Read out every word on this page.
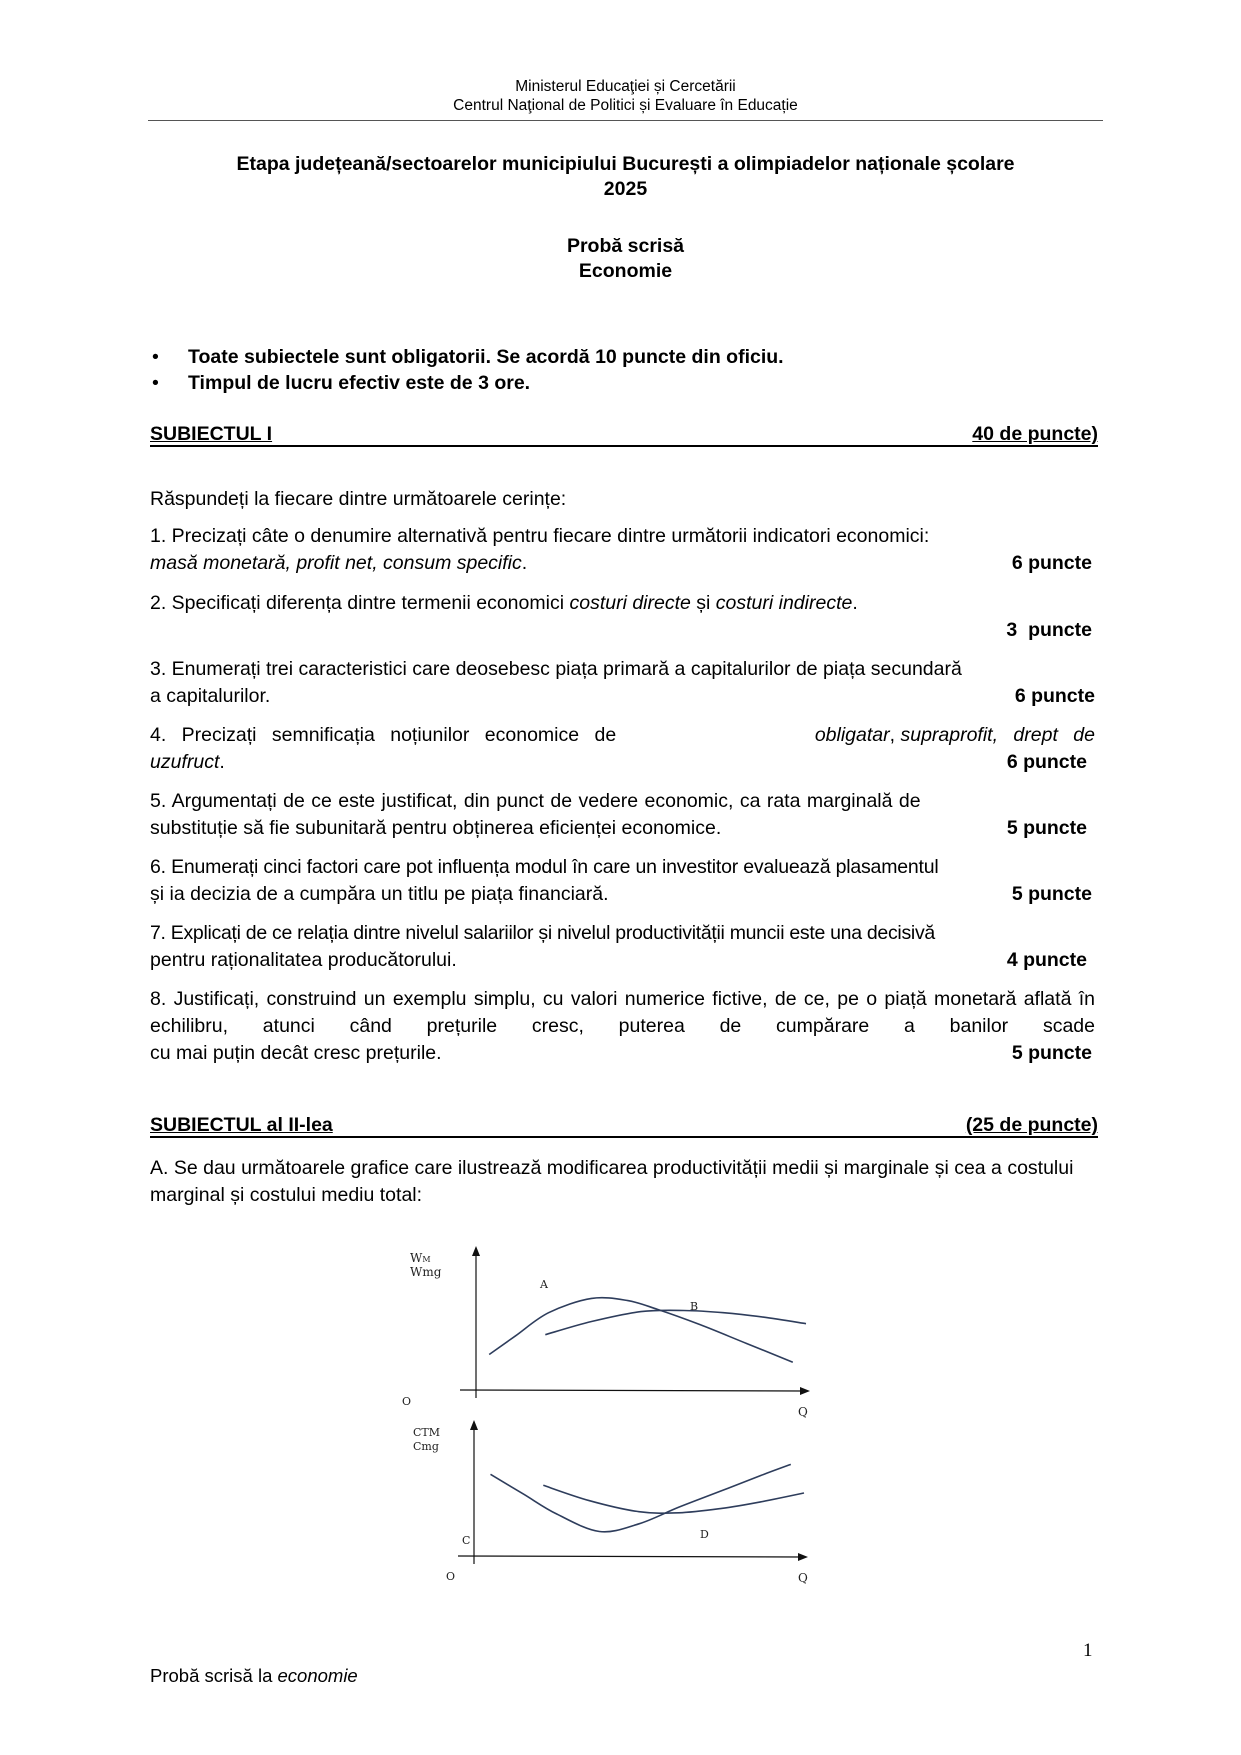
Ministerul Educaţiei și Cercetării
Centrul Naţional de Politici și Evaluare în Educație
Etapa județeană/sectoarelor municipiului București a olimpiadelor naționale școlare
2025
Probă scrisă
Economie
• Toate subiectele sunt obligatorii. Se acordă 10 puncte din oficiu.
• Timpul de lucru efectiv este de 3 ore.
SUBIECTUL I	40 de puncte)
Răspundeți la fiecare dintre următoarele cerințe:
1. Precizați câte o denumire alternativă pentru fiecare dintre următorii indicatori economici:
masă monetară, profit net, consum specific.	6 puncte
2. Specificați diferența dintre termenii economici costuri directe și costuri indirecte.
3  puncte
3. Enumerați trei caracteristici care deosebesc piața primară a capitalurilor de piața secundară
a capitalurilor.	6 puncte
4. Precizați semnificația noțiunilor economice de	obligatar, supraprofit, drept de
uzufruct.	6 puncte
5. Argumentați de ce este justificat, din punct de vedere economic, ca rata marginală de
substituție să fie subunitară pentru obținerea eficienței economice.	5 puncte
6. Enumerați cinci factori care pot influența modul în care un investitor evaluează plasamentul
și ia decizia de a cumpăra un titlu pe piața financiară.	5 puncte
7. Explicați de ce relația dintre nivelul salariilor și nivelul productivității muncii este una decisivă
pentru raționalitatea producătorului.	4 puncte
8. Justificați, construind un exemplu simplu, cu valori numerice fictive, de ce, pe o piață monetară aflată în echilibru, atunci când prețurile cresc, puterea de cumpărare a banilor scade
cu mai puțin decât cresc prețurile.	5 puncte
SUBIECTUL al II-lea	(25 de puncte)
A. Se dau următoarele grafice care ilustrează modificarea productivității medii și marginale și cea a costului marginal și costului mediu total:
WM
Wmg
O
Q
A
B
CTM
Cmg
O	Q
C	D
1
Probă scrisă la economie
